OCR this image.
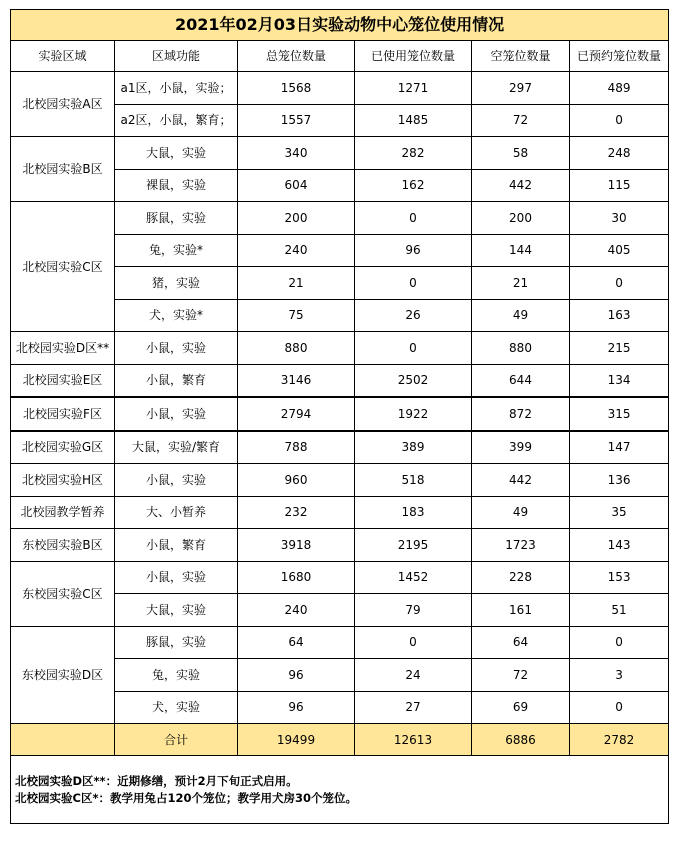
2021年02月03日实验动物中心笼位使用情况					
实验区域	区域功能	总笼位数量	已使用笼位数量	空笼位数量	已预约笼位数量
北校园实验A区	a1区，小鼠，实验；	1568	1271	297	489
	a2区，小鼠，繁育；	1557	1485	72	0
北校园实验B区	大鼠，实验	340	282	58	248
	裸鼠，实验	604	162	442	115
北校园实验C区	豚鼠，实验	200	0	200	30
	兔，实验*	240	96	144	405
	猪，实验	21	0	21	0
	犬，实验*	75	26	49	163
北校园实验D区**	小鼠，实验	880	0	880	215
北校园实验E区	小鼠，繁育	3146	2502	644	134
北校园实验F区	小鼠，实验	2794	1922	872	315
北校园实验G区	大鼠，实验/繁育	788	389	399	147
北校园实验H区	小鼠，实验	960	518	442	136
北校园教学暂养	大、小暂养	232	183	49	35
东校园实验B区	小鼠，繁育	3918	2195	1723	143
东校园实验C区	小鼠，实验	1680	1452	228	153
	大鼠，实验	240	79	161	51
东校园实验D区	豚鼠，实验	64	0	64	0
	兔，实验	96	24	72	3
	犬，实验	96	27	69	0
	合计	19499	12613	6886	2782

北校园实验D区**：近期修缮，预计2月下旬正式启用。
北校园实验C区*：教学用兔占120个笼位；教学用犬房30个笼位。					
